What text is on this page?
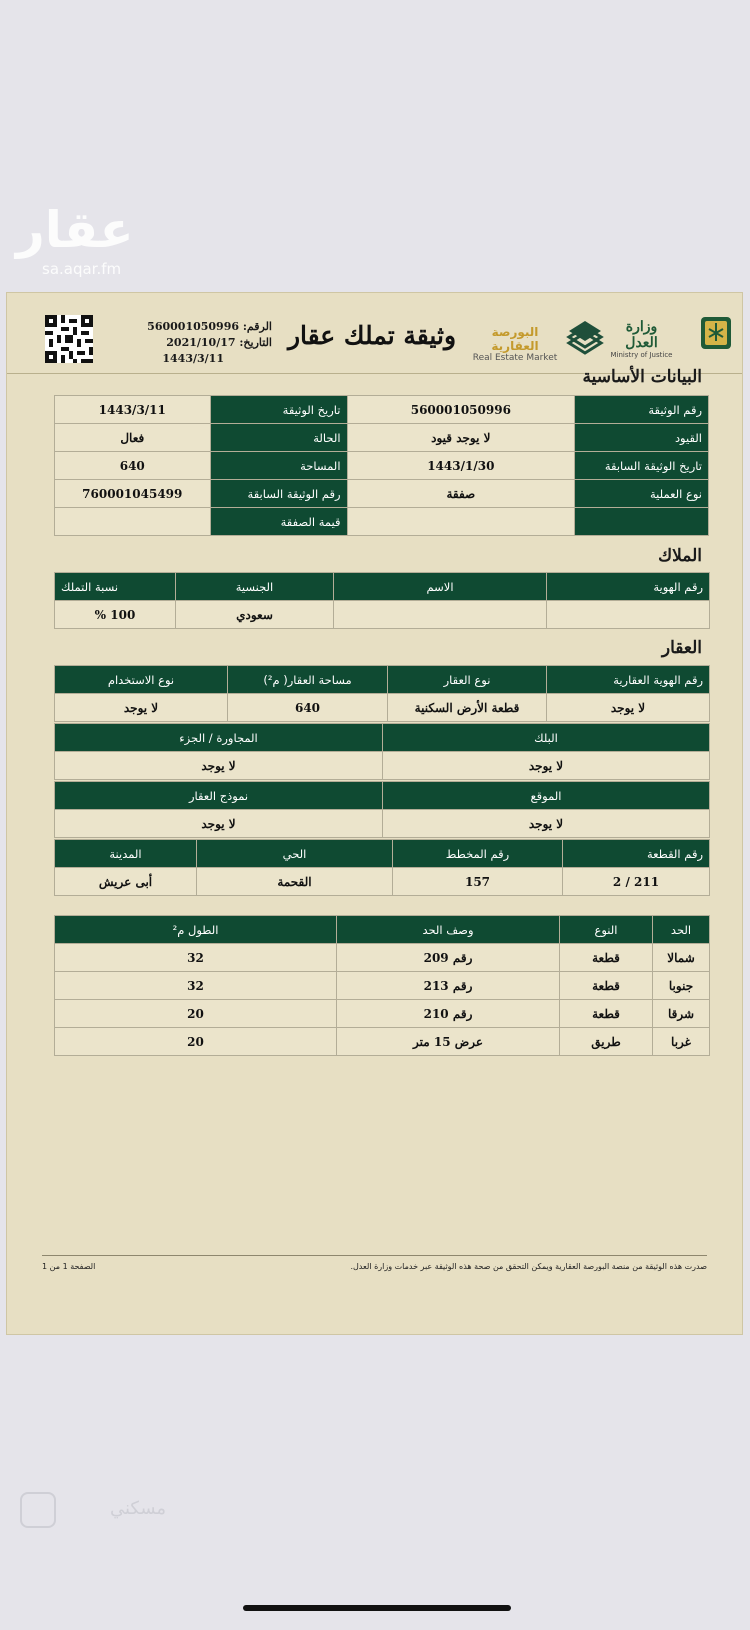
عقار
sa.aqar.fm
الرقم: 560001050996
التاريخ: 2021/10/17
1443/3/11
وثيقة تملك عقار	البورصة العقارية
Real Estate Market
وزارة العدل
Ministry of Justice
البيانات الأساسية
رقم الوثيقة	560001050996	تاريخ الوثيقة	1443/3/11
القيود	لا يوجد قيود	الحالة	فعال
تاريخ الوثيقة السابقة	1443/1/30	المساحة	640
نوع العملية	صفقة	رقم الوثيقة السابقة	760001045499
		قيمة الصفقة	
الملاك
رقم الهوية	الاسم	الجنسية	نسبة التملك
		سعودي	100 %
العقار
رقم الهوية العقارية	نوع العقار	مساحة العقار( م²)	نوع الاستخدام
لا يوجد	قطعة الأرض السكنية	640	لا يوجد
البلك	المجاورة / الجزء
لا يوجد	لا يوجد
الموقع	نموذج العقار
لا يوجد	لا يوجد
رقم القطعة	رقم المخطط	الحي	المدينة
211 / 2	157	القحمة	أبى عريش
الحد	النوع	وصف الحد	الطول م²
شمالا	قطعة	رقم 209	32
جنوبا	قطعة	رقم 213	32
شرقا	قطعة	رقم 210	20
غربا	طريق	عرض 15 متر	20
صدرت هذه الوثيقة من منصة البورصة العقارية ويمكن التحقق من صحة هذه الوثيقة عبر خدمات وزارة العدل.
الصفحة 1 من 1
مسكني
